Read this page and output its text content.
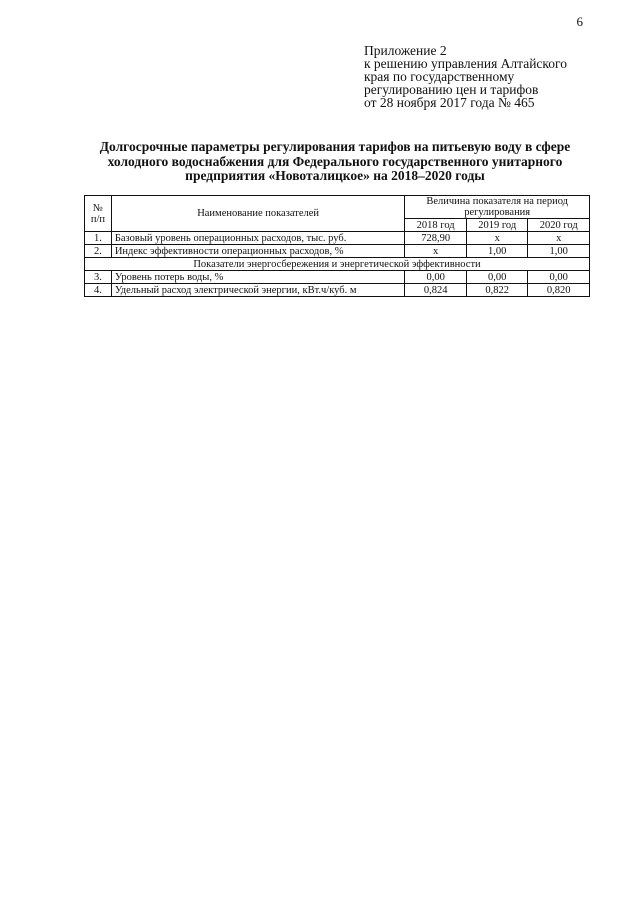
6
Приложение 2
к решению управления Алтайского
края по государственному
регулированию цен и тарифов
от 28 ноября 2017 года № 465
Долгосрочные параметры регулирования тарифов на питьевую воду в сфере
холодного водоснабжения для Федерального государственного унитарного
предприятия «Новоталицкое» на 2018–2020 годы
№
п/п	Наименование показателей	Величина показателя на период регулирования		
		2018 год	2019 год	2020 год
1.	Базовый уровень операционных расходов, тыс. руб.	728,90	х	х
2.	Индекс эффективности операционных расходов, %	х	1,00	1,00
Показатели энергосбережения и энергетической эффективности				
3.	Уровень потерь воды, %	0,00	0,00	0,00
4.	Удельный расход электрической энергии, кВт.ч/куб. м	0,824	0,822	0,820
